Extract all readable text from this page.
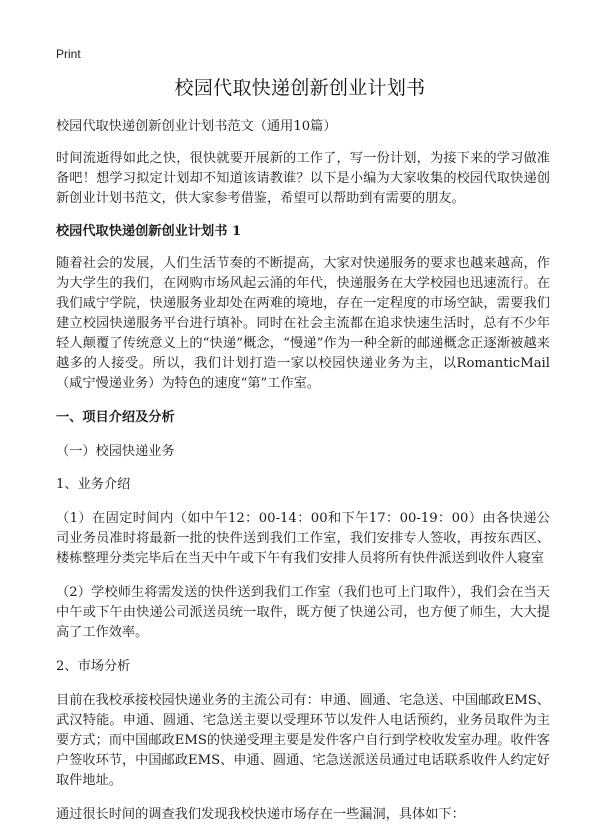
Print
校园代取快递创新创业计划书

校园代取快递创新创业计划书范文（通用10篇）

时间流逝得如此之快，很快就要开展新的工作了，写一份计划，为接下来的学习做准备吧！想学习拟定计划却不知道该请教谁？以下是小编为大家收集的校园代取快递创新创业计划书范文，供大家参考借鉴，希望可以帮助到有需要的朋友。

校园代取快递创新创业计划书 1

随着社会的发展，人们生活节奏的不断提高，大家对快递服务的要求也越来越高，作为大学生的我们，在网购市场风起云涌的年代，快递服务在大学校园也迅速流行。在我们咸宁学院，快递服务业却处在两难的境地，存在一定程度的市场空缺，需要我们建立校园快递服务平台进行填补。同时在社会主流都在追求快速生活时，总有不少年轻人颠覆了传统意义上的“快递”概念，“慢递”作为一种全新的邮递概念正逐渐被越来越多的人接受。所以，我们计划打造一家以校园快递业务为主，以RomanticMail （咸宁慢递业务）为特色的速度“第”工作室。

一、项目介绍及分析

（一）校园快递业务

1、业务介绍

（1）在固定时间内（如中午12：00-14：00和下午17：00-19：00）由各快递公司业务员准时将最新一批的快件送到我们工作室，我们安排专人签收，再按东西区、楼栋整理分类完毕后在当天中午或下午有我们安排人员将所有快件派送到收件人寝室

（2）学校师生将需发送的快件送到我们工作室（我们也可上门取件），我们会在当天中午或下午由快递公司派送员统一取件，既方便了快递公司，也方便了师生，大大提高了工作效率。

2、市场分析

目前在我校承接校园快递业务的主流公司有：申通、圆通、宅急送、中国邮政EMS、武汉特能。申通、圆通、宅急送主要以受理环节以发件人电话预约，业务员取件为主要方式；而中国邮政EMS的快递受理主要是发件客户自行到学校收发室办理。收件客户签收环节，中国邮政EMS、申通、圆通、宅急送派送员通过电话联系收件人约定好取件地址。

通过很长时间的调查我们发现我校快递市场存在一些漏洞，具体如下：
